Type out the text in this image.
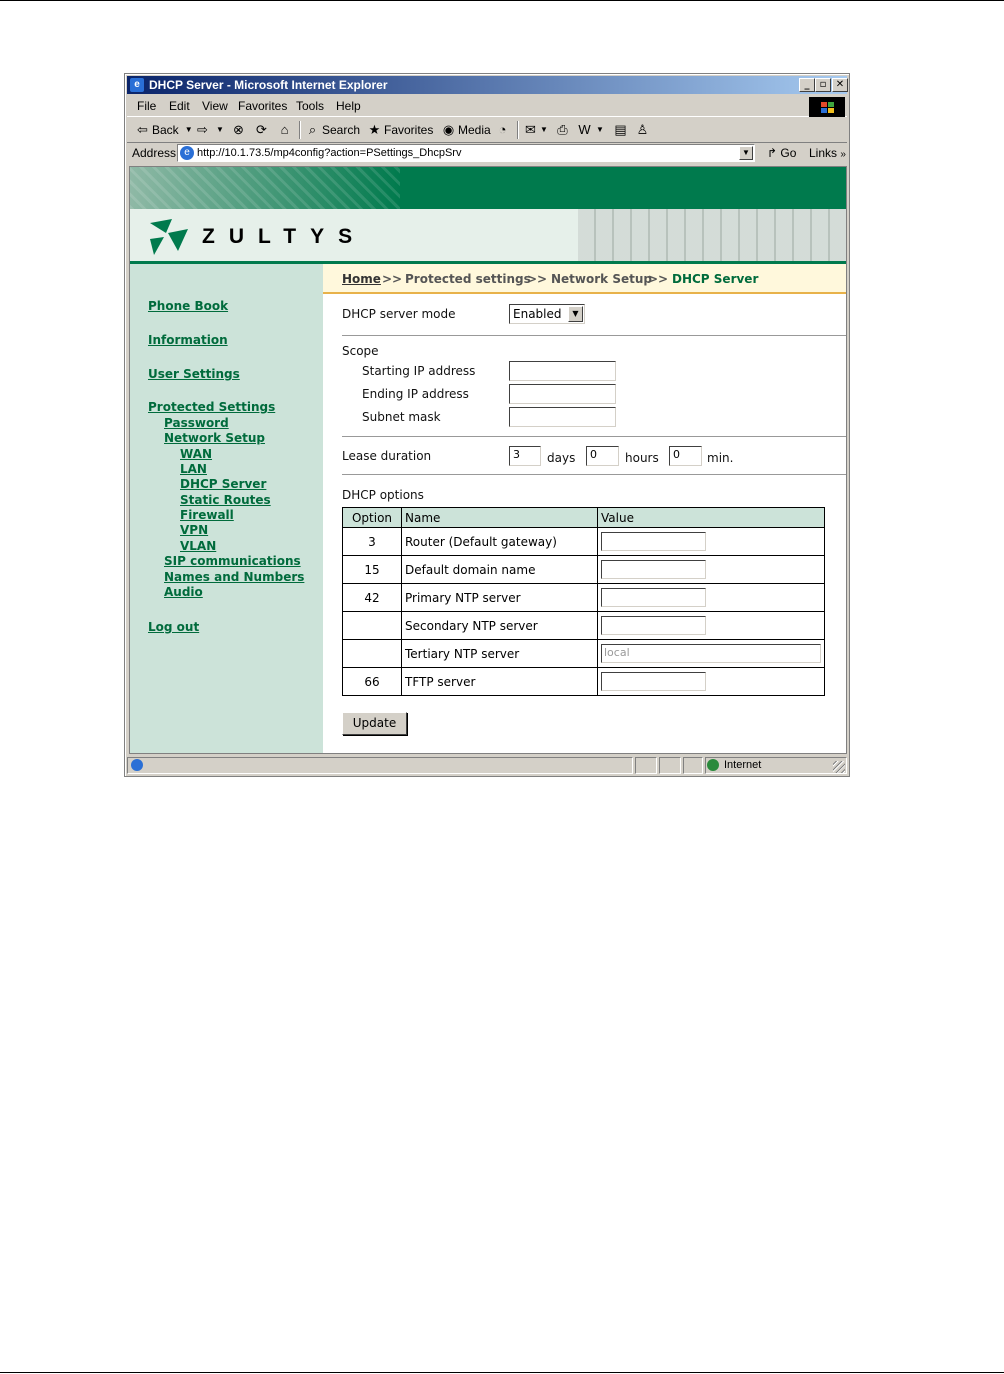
e DHCP Server - Microsoft Internet Explorer	_	▫ ✕
File Edit View Favorites Tools Help
⇦ Back ▼ ⇨ ▼ ⊗ ⟳ ⌂ ⌕ Search ★ Favorites ◉ Media ◔ ✉ ▼ ⎙ W ▼ ▤ ♙
Address e http://10.1.73.5/mp4config?action=PSettings_DhcpSrv	▼ ↱ Go Links »
ZULTYS
Phone Book
Information
User Settings
Protected Settings
Password
Network Setup
WAN
LAN
DHCP Server
Static Routes
Firewall
VPN
VLAN
SIP communications
Names and Numbers
Audio
Log out
Home >> Protected settings
>> Network Setup
>> DHCP Server
DHCP server mode	Enabled	▼
Scope
Starting IP address
Ending IP address
Subnet mask
Lease duration	3	days	0	hours	0	min.
DHCP options
Option	Name	Value
3	Router (Default gateway)	
15	Default domain name	
42	Primary NTP server	
	Secondary NTP server	
	Tertiary NTP server	local
66	TFTP server	
Update
Internet
